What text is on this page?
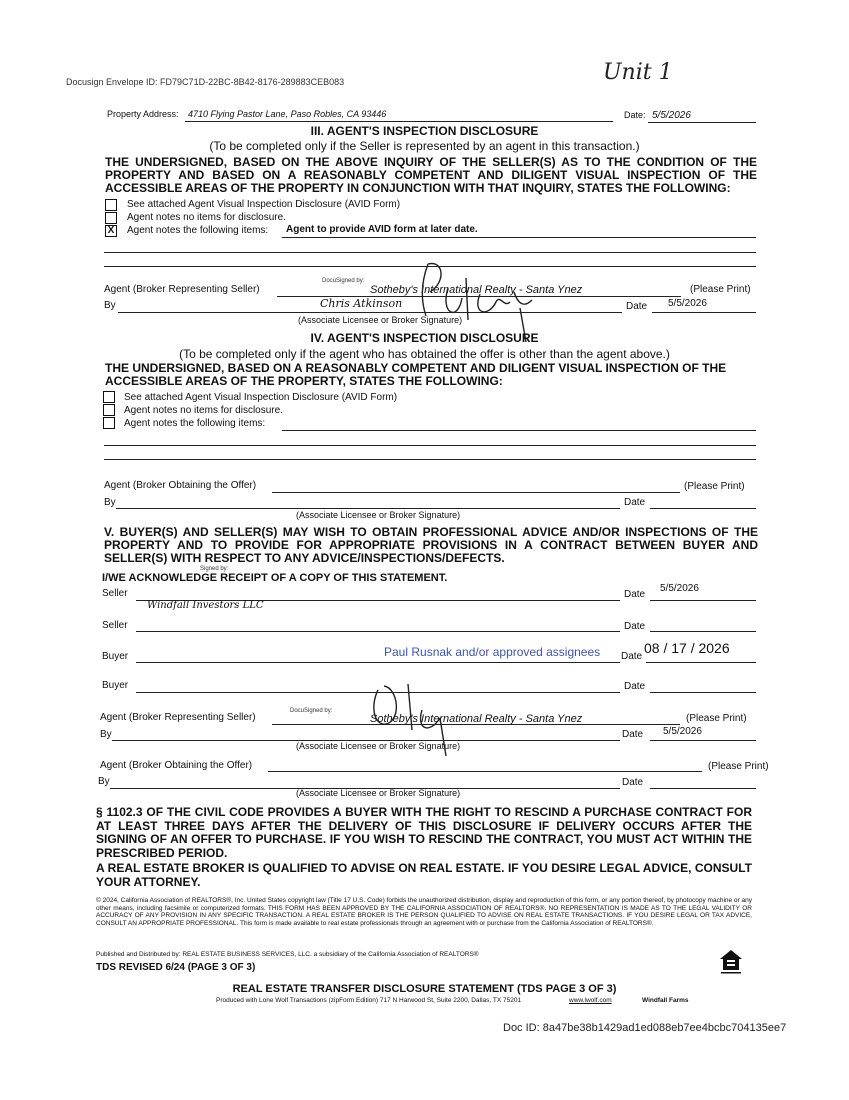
Docusign Envelope ID: FD79C71D-22BC-8B42-8176-289883CEB083	Unit 1
Property Address: 4710 Flying Pastor Lane, Paso Robles, CA 93446	Date: 5/5/2026
III. AGENT'S INSPECTION DISCLOSURE
(To be completed only if the Seller is represented by an agent in this transaction.)
THE UNDERSIGNED, BASED ON THE ABOVE INQUIRY OF THE SELLER(S) AS TO THE CONDITION OF THE PROPERTY AND BASED ON A REASONABLY COMPETENT AND DILIGENT VISUAL INSPECTION OF THE ACCESSIBLE AREAS OF THE PROPERTY IN CONJUNCTION WITH THAT INQUIRY, STATES THE FOLLOWING:
See attached Agent Visual Inspection Disclosure (AVID Form)
Agent notes no items for disclosure.
X Agent notes the following items: Agent to provide AVID form at later date.
Agent (Broker Representing Seller)
DocuSigned by:
Sotheby's International Realty - Santa Ynez	(Please Print)
By	Chris Atkinson	Date 5/5/2026
(Associate Licensee or Broker Signature)
IV. AGENT'S INSPECTION DISCLOSURE
(To be completed only if the agent who has obtained the offer is other than the agent above.)
THE UNDERSIGNED, BASED ON A REASONABLY COMPETENT AND DILIGENT VISUAL INSPECTION OF THE ACCESSIBLE AREAS OF THE PROPERTY, STATES THE FOLLOWING:
See attached Agent Visual Inspection Disclosure (AVID Form)
Agent notes no items for disclosure.
Agent notes the following items:
Agent (Broker Obtaining the Offer)	(Please Print)
By	Date
(Associate Licensee or Broker Signature)
V. BUYER(S) AND SELLER(S) MAY WISH TO OBTAIN PROFESSIONAL ADVICE AND/OR INSPECTIONS OF THE PROPERTY AND TO PROVIDE FOR APPROPRIATE PROVISIONS IN A CONTRACT BETWEEN BUYER AND SELLER(S) WITH RESPECT TO ANY ADVICE/INSPECTIONS/DEFECTS.
Signed by:
I/WE ACKNOWLEDGE RECEIPT OF A COPY OF THIS STATEMENT.
Seller
Windfall Investors LLC
Date
5/5/2026
Seller	Date
Buyer	Paul Rusnak and/or approved assignees Date
08 / 17 / 2026
Buyer	Date
Agent (Broker Representing Seller)
DocuSigned by:
Sotheby's International Realty - Santa Ynez	(Please Print)
By	Date 5/5/2026
(Associate Licensee or Broker Signature)
Agent (Broker Obtaining the Offer)	(Please Print)
By	Date
(Associate Licensee or Broker Signature)
§ 1102.3 OF THE CIVIL CODE PROVIDES A BUYER WITH THE RIGHT TO RESCIND A PURCHASE CONTRACT FOR AT LEAST THREE DAYS AFTER THE DELIVERY OF THIS DISCLOSURE IF DELIVERY OCCURS AFTER THE SIGNING OF AN OFFER TO PURCHASE. IF YOU WISH TO RESCIND THE CONTRACT, YOU MUST ACT WITHIN THE PRESCRIBED PERIOD.
A REAL ESTATE BROKER IS QUALIFIED TO ADVISE ON REAL ESTATE. IF YOU DESIRE LEGAL ADVICE, CONSULT YOUR ATTORNEY.
© 2024, California Association of REALTORS®, Inc. United States copyright law (Title 17 U.S. Code) forbids the unauthorized distribution, display and reproduction of this form, or any portion thereof, by photocopy machine or any other means, including facsimile or computerized formats. THIS FORM HAS BEEN APPROVED BY THE CALIFORNIA ASSOCIATION OF REALTORS®. NO REPRESENTATION IS MADE AS TO THE LEGAL VALIDITY OR ACCURACY OF ANY PROVISION IN ANY SPECIFIC TRANSACTION. A REAL ESTATE BROKER IS THE PERSON QUALIFIED TO ADVISE ON REAL ESTATE TRANSACTIONS. IF YOU DESIRE LEGAL OR TAX ADVICE, CONSULT AN APPROPRIATE PROFESSIONAL. This form is made available to real estate professionals through an agreement with or purchase from the California Association of REALTORS®.
Published and Distributed by: REAL ESTATE BUSINESS SERVICES, LLC. a subsidiary of the California Association of REALTORS®
TDS REVISED 6/24 (PAGE 3 OF 3)
REAL ESTATE TRANSFER DISCLOSURE STATEMENT (TDS PAGE 3 OF 3)
Produced with Lone Wolf Transactions (zipForm Edition) 717 N Harwood St, Suite 2200, Dallas, TX 75201	www.lwolf.com	Windfall Farms
Doc ID: 8a47be38b1429ad1ed088eb7ee4bcbc704135ee7
